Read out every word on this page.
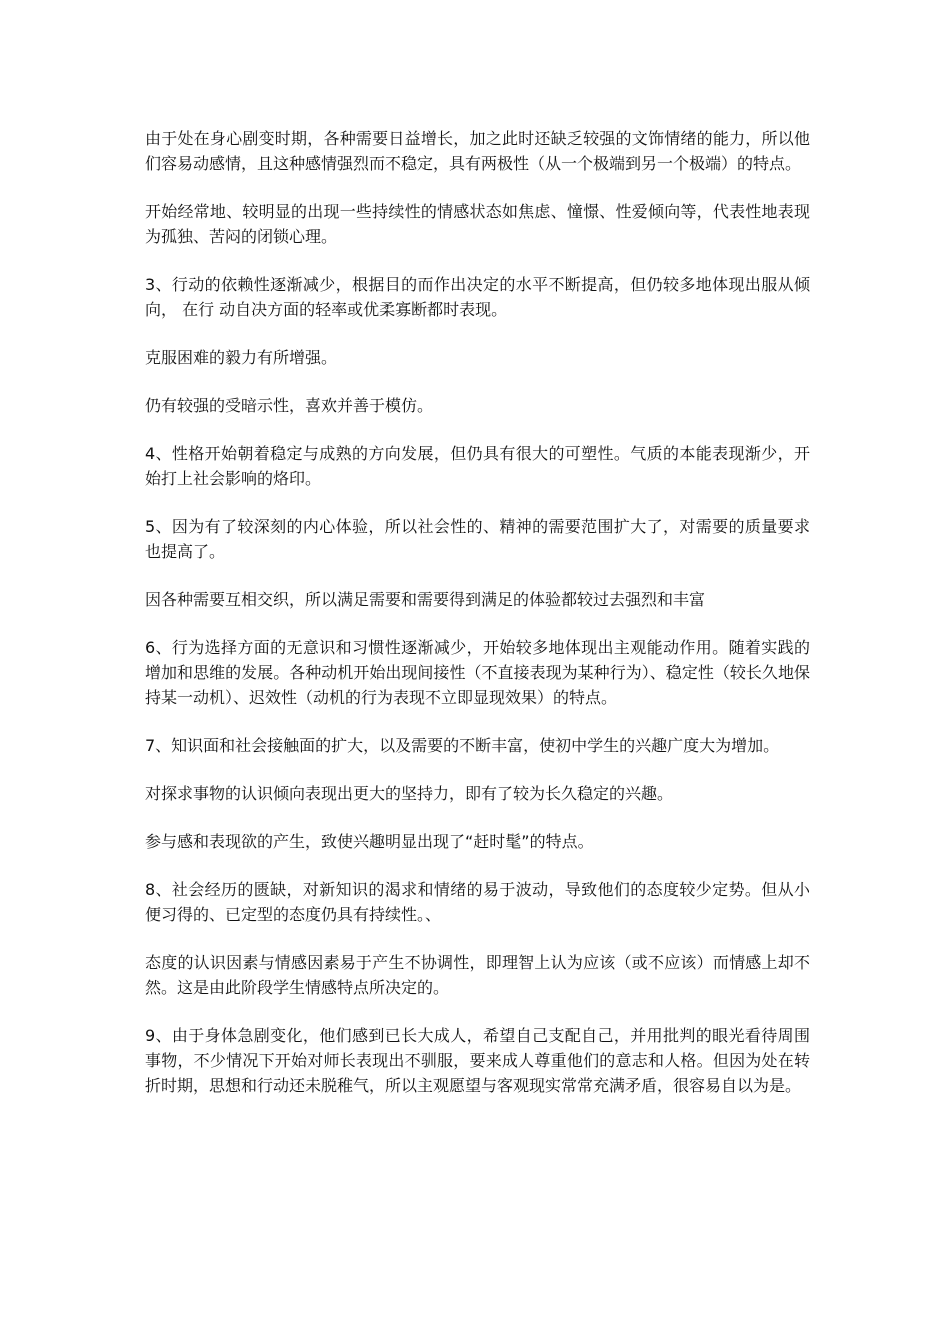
由于处在身心剧变时期，各种需要日益增长，加之此时还缺乏较强的文饰情绪的能力，所以他们容易动感情，且这种感情强烈而不稳定，具有两极性（从一个极端到另一个极端）的特点。

开始经常地、较明显的出现一些持续性的情感状态如焦虑、憧憬、性爱倾向等，代表性地表现为孤独、苦闷的闭锁心理。

3、行动的依赖性逐渐减少，根据目的而作出决定的水平不断提高，但仍较多地体现出服从倾向， 在行 动自决方面的轻率或优柔寡断都时表现。

克服困难的毅力有所增强。

仍有较强的受暗示性，喜欢并善于模仿。

4、性格开始朝着稳定与成熟的方向发展，但仍具有很大的可塑性。气质的本能表现渐少，开始打上社会影响的烙印。

5、因为有了较深刻的内心体验，所以社会性的、精神的需要范围扩大了，对需要的质量要求也提高了。

因各种需要互相交织，所以满足需要和需要得到满足的体验都较过去强烈和丰富

6、行为选择方面的无意识和习惯性逐渐减少，开始较多地体现出主观能动作用。随着实践的增加和思维的发展。各种动机开始出现间接性（不直接表现为某种行为）、稳定性（较长久地保持某一动机）、迟效性（动机的行为表现不立即显现效果）的特点。

7、知识面和社会接触面的扩大，以及需要的不断丰富，使初中学生的兴趣广度大为增加。

对探求事物的认识倾向表现出更大的坚持力，即有了较为长久稳定的兴趣。

参与感和表现欲的产生，致使兴趣明显出现了“赶时髦”的特点。

8、社会经历的匮缺，对新知识的渴求和情绪的易于波动，导致他们的态度较少定势。但从小便习得的、已定型的态度仍具有持续性。、

态度的认识因素与情感因素易于产生不协调性，即理智上认为应该（或不应该）而情感上却不然。这是由此阶段学生情感特点所决定的。

9、由于身体急剧变化，他们感到已长大成人，希望自己支配自己，并用批判的眼光看待周围事物，不少情况下开始对师长表现出不驯服，要来成人尊重他们的意志和人格。但因为处在转折时期，思想和行动还未脱稚气，所以主观愿望与客观现实常常充满矛盾，很容易自以为是。
